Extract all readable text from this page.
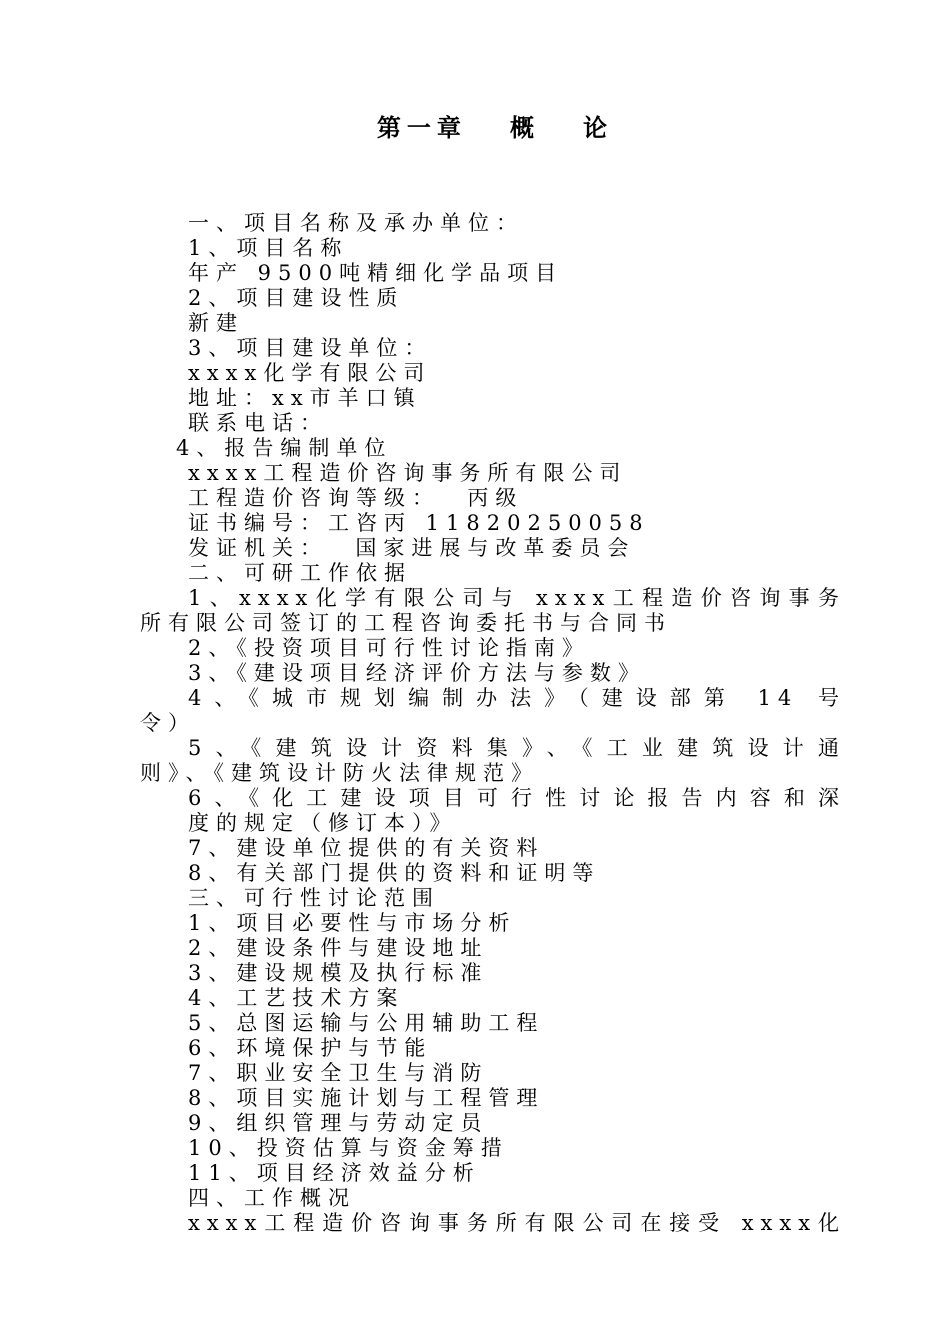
第一章   概   论
一、项目名称及承办单位：
1、项目名称
年产 9500吨精细化学品项目
2、项目建设性质
新建
3、项目建设单位：
xxxx化学有限公司
地址：xx市羊口镇
联系电话：
4、报告编制单位
xxxx工程造价咨询事务所有限公司
工程造价咨询等级：  丙级
证书编号：工咨丙 11820250058
发证机关：  国家进展与改革委员会
二、可研工作依据
1、xxxx化学有限公司与 xxxx工程造价咨询事务
所有限公司签订的工程咨询委托书与合同书
2、《投资项目可行性讨论指南》
3、《建设项目经济评价方法与参数》
4、《城市规划编制办法》（建设部第 14 号
令）
5、《建筑设计资料集》、《工业建筑设计通
则》、《建筑设计防火法律规范》
6、《化工建设项目可行性讨论报告内容和深
度的规定（修订本）》
7、建设单位提供的有关资料
8、有关部门提供的资料和证明等
三、可行性讨论范围
1、项目必要性与市场分析
2、建设条件与建设地址
3、建设规模及执行标准
4、工艺技术方案
5、总图运输与公用辅助工程
6、环境保护与节能
7、职业安全卫生与消防
8、项目实施计划与工程管理
9、组织管理与劳动定员
10、投资估算与资金筹措
11、项目经济效益分析
四、工作概况
xxxx工程造价咨询事务所有限公司在接受 xxxx化
